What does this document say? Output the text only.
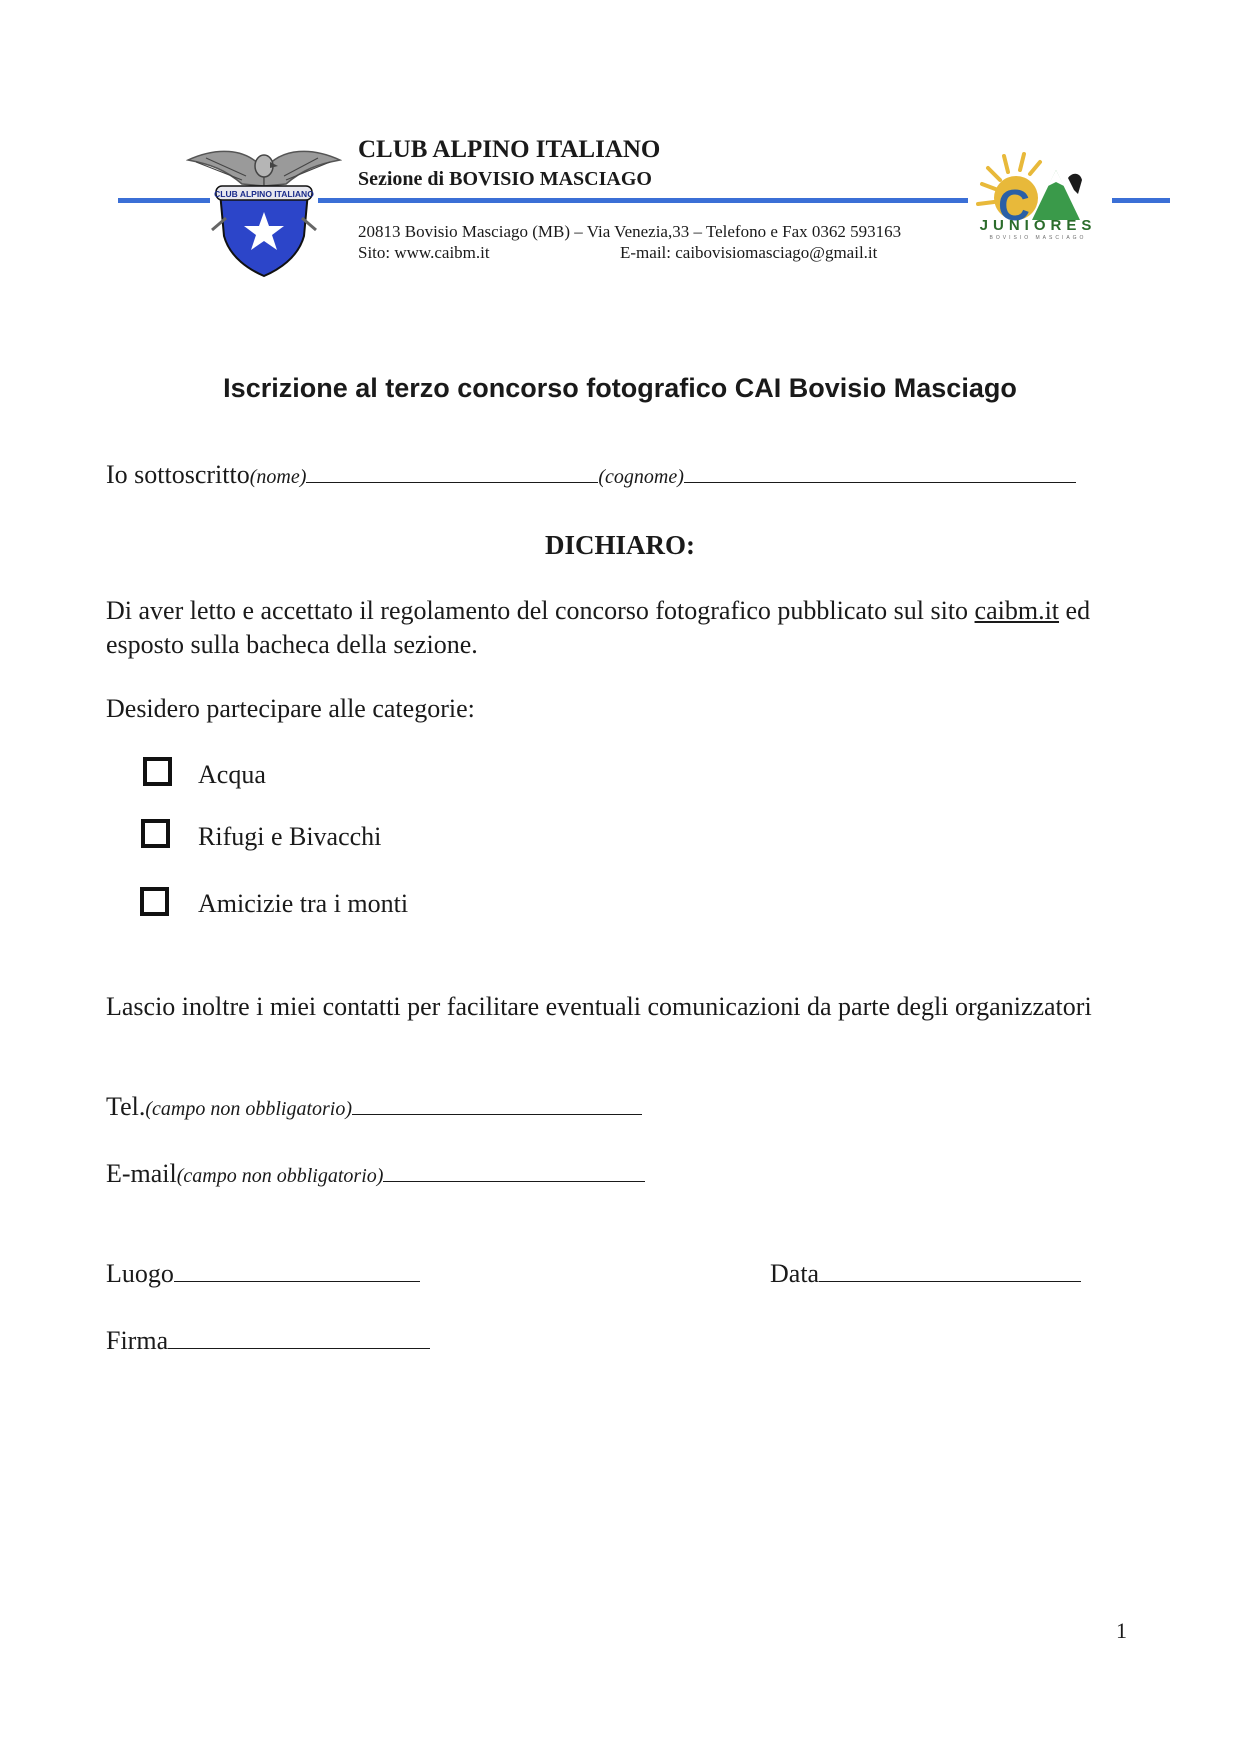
CLUB ALPINO ITALIANO
CLUB ALPINO ITALIANO
Sezione di BOVISIO MASCIAGO
20813 Bovisio Masciago (MB) – Via Venezia,33 – Telefono e Fax 0362 593163
Sito: www.caibm.it	E-mail: caibovisiomasciago@gmail.it
C
JUNIORES
BOVISIO MASCIAGO
Iscrizione al terzo concorso fotografico CAI Bovisio Masciago
Io sottoscritto(nome)	(cognome)
DICHIARO:
Di aver letto e accettato il regolamento del concorso fotografico pubblicato sul sito caibm.it ed esposto sulla bacheca della sezione.
Desidero partecipare alle categorie:
Acqua
Rifugi e Bivacchi
Amicizie tra i monti
Lascio inoltre i miei contatti per facilitare eventuali comunicazioni da parte degli organizzatori
Tel.(campo non obbligatorio)
E-mail(campo non obbligatorio)
Luogo	Data
Firma
1
